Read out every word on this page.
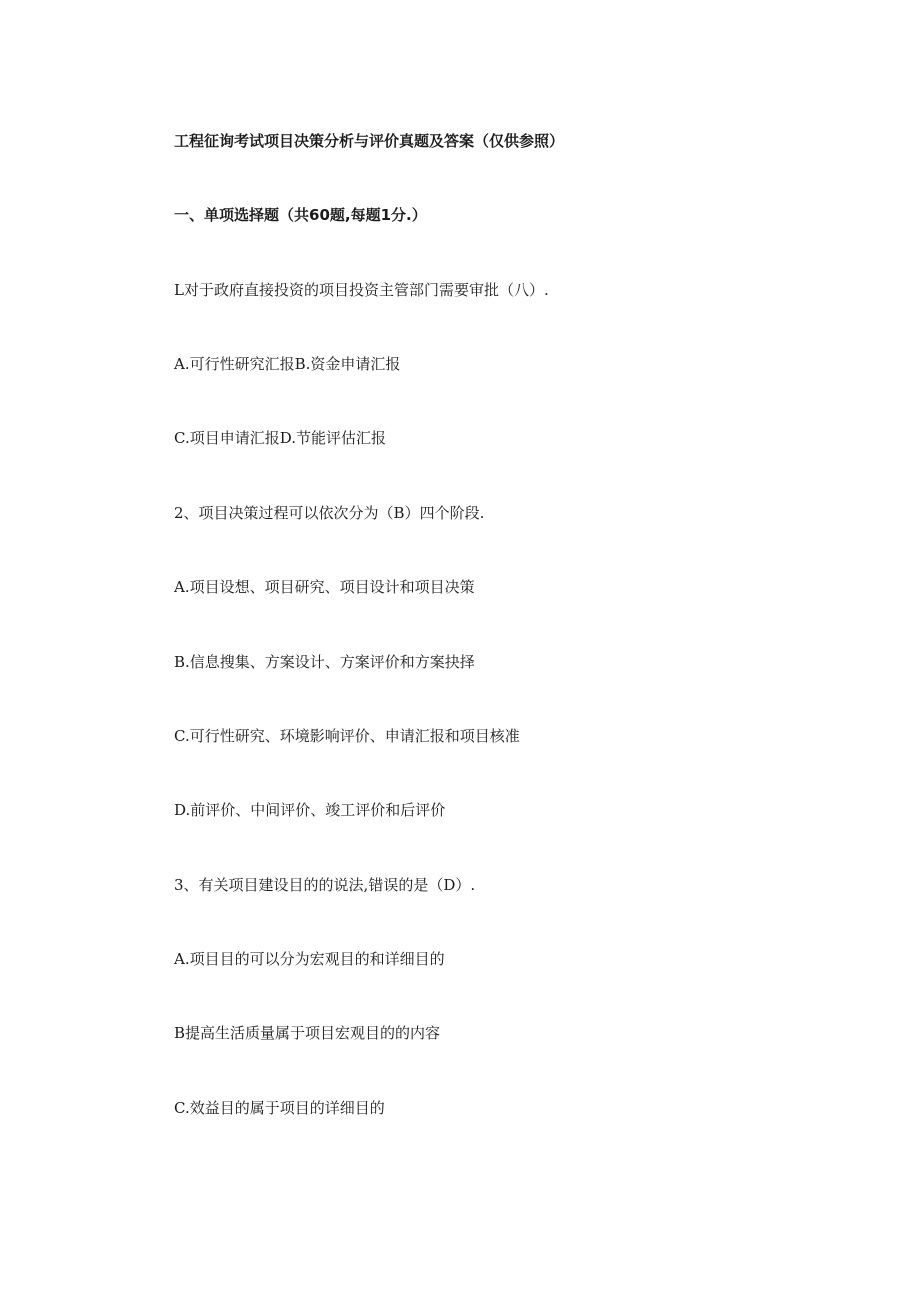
工程征询考试项目决策分析与评价真题及答案（仅供参照）
一、单项选择题（共60题,每题1分.）
L对于政府直接投资的项目投资主管部门需要审批（八）.
A.可行性研究汇报B.资金申请汇报
C.项目申请汇报D.节能评估汇报
2、项目决策过程可以依次分为（B）四个阶段.
A.项目设想、项目研究、项目设计和项目决策
B.信息搜集、方案设计、方案评价和方案抉择
C.可行性研究、环境影响评价、申请汇报和项目核准
D.前评价、中间评价、竣工评价和后评价
3、有关项目建设目的的说法,错误的是（D）.
A.项目目的可以分为宏观目的和详细目的
B提高生活质量属于项目宏观目的的内容
C.效益目的属于项目的详细目的
